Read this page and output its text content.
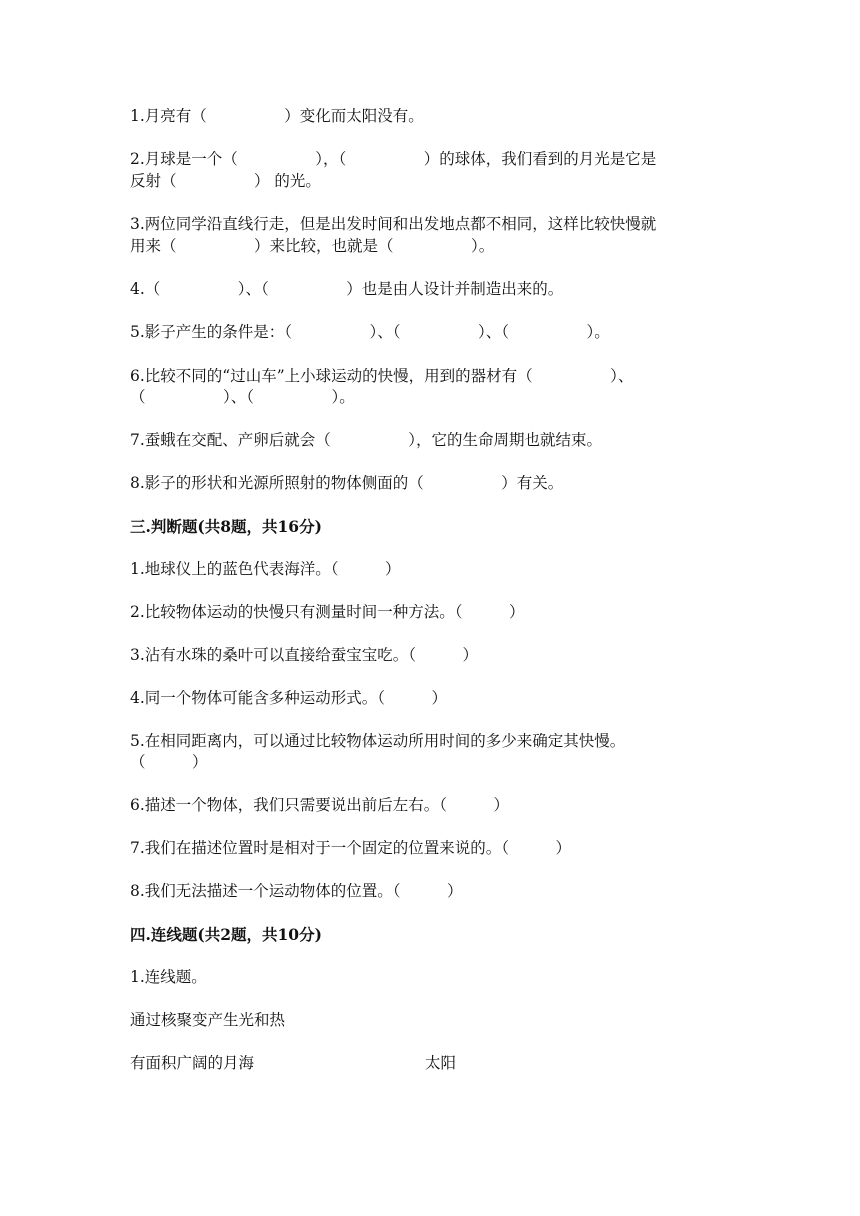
1.月亮有（　　　　　）变化而太阳没有。
2.月球是一个（　　　　　），（　　　　　）的球体，我们看到的月光是它是
反射（　　　　　） 的光。
3.两位同学沿直线行走，但是出发时间和出发地点都不相同，这样比较快慢就
用来（　　　　　）来比较，也就是（　　　　　）。
4.（　　　　　）、（　　　　　）也是由人设计并制造出来的。
5.影子产生的条件是：（　　　　　）、（　　　　　）、（　　　　　）。
6.比较不同的“过山车”上小球运动的快慢，用到的器材有（　　　　　）、
（　　　　　）、（　　　　　）。
7.蚕蛾在交配、产卵后就会（　　　　　），它的生命周期也就结束。
8.影子的形状和光源所照射的物体侧面的（　　　　　）有关。
三.判断题(共8题，共16分)
1.地球仪上的蓝色代表海洋。（　　　）
2.比较物体运动的快慢只有测量时间一种方法。（　　　）
3.沾有水珠的桑叶可以直接给蚕宝宝吃。（　　　）
4.同一个物体可能含多种运动形式。（　　　）
5.在相同距离内，可以通过比较物体运动所用时间的多少来确定其快慢。
（　　　）
6.描述一个物体，我们只需要说出前后左右。（　　　）
7.我们在描述位置时是相对于一个固定的位置来说的。（　　　）
8.我们无法描述一个运动物体的位置。（　　　）
四.连线题(共2题，共10分)
1.连线题。
通过核聚变产生光和热
有面积广阔的月海	太阳
